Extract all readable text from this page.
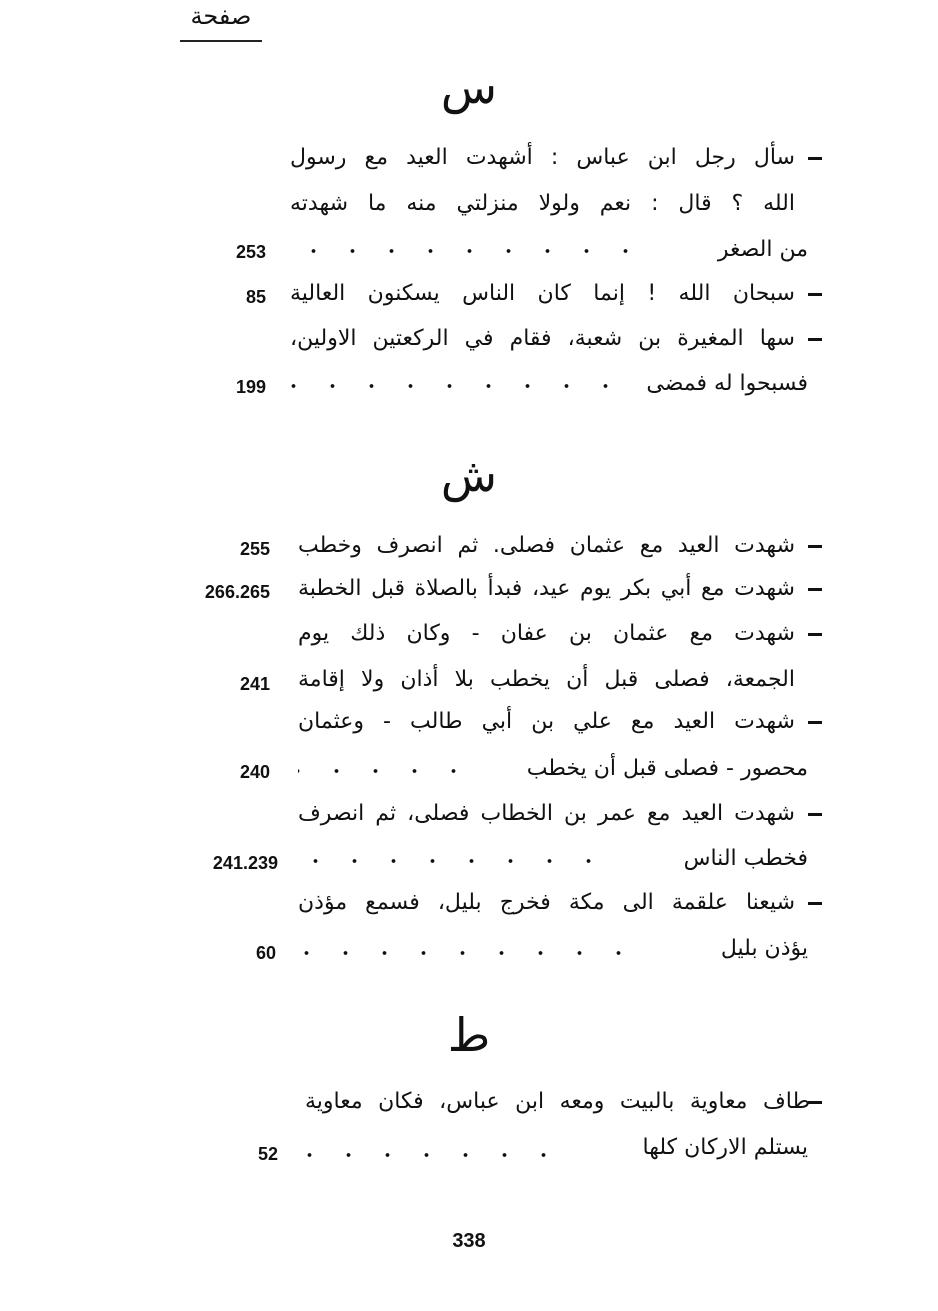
صفحة
س
سأل رجل ابن عباس : أشهدت العيد مع رسول
الله ؟ قال : نعم ولولا منزلتي منه ما شهدته
من الصغر
253
سبحان الله ! إنما كان الناس يسكنون العالية
85
سها المغيرة بن شعبة، فقام في الركعتين الاولين،
فسبحوا له فمضى
199
ش
شهدت العيد مع عثمان فصلى. ثم انصرف وخطب
255
شهدت مع أبي بكر يوم عيد، فبدأ بالصلاة قبل الخطبة
266.265
شهدت مع عثمان بن عفان - وكان ذلك يوم
الجمعة، فصلى قبل أن يخطب بلا أذان ولا إقامة
241
شهدت العيد مع علي بن أبي طالب - وعثمان
محصور - فصلى قبل أن يخطب
240
شهدت العيد مع عمر بن الخطاب فصلى، ثم انصرف
فخطب الناس
241.239
شيعنا علقمة الى مكة فخرج بليل، فسمع مؤذن
يؤذن بليل
60
ط
طاف معاوية بالبيت ومعه ابن عباس، فكان معاوية
يستلم الاركان كلها
52
338
